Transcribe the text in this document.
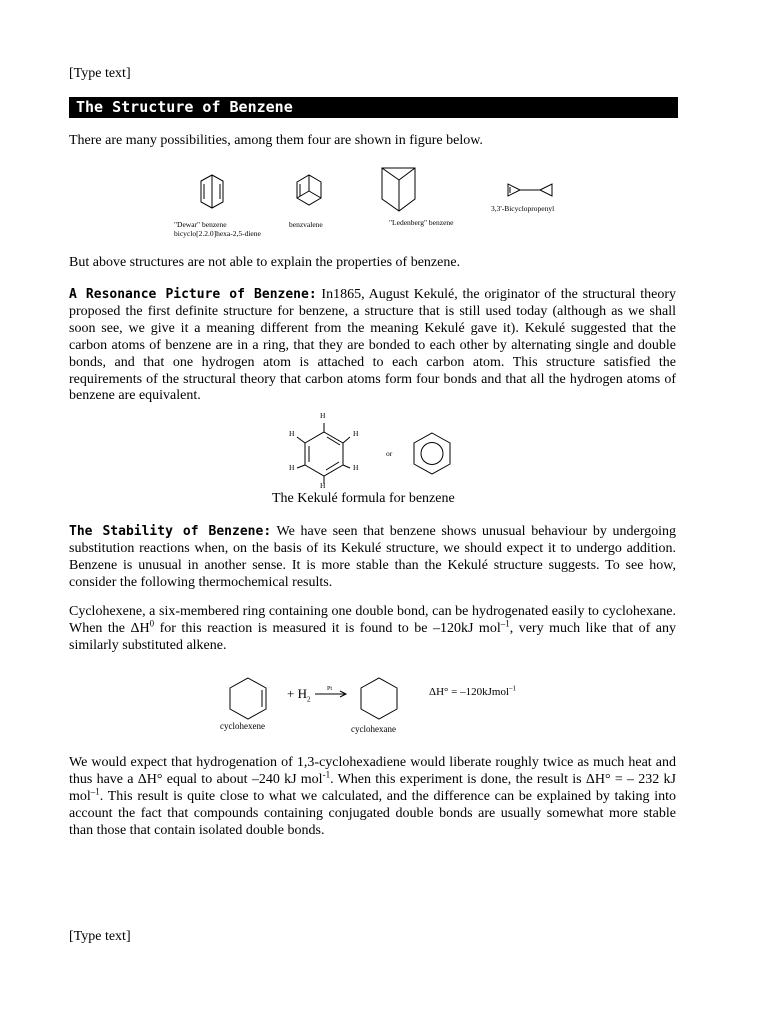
[Type text]
The Structure of Benzene
There are many possibilities, among them four are shown in figure below.
"Dewar" benzene
bicyclo[2.2.0]hexa-2,5-diene
benzvalene	"Ledenberg" benzene
3,3'-Bicyclopropenyl
But above structures are not able to explain the properties of benzene.
A Resonance Picture of Benzene: In1865, August Kekulé, the originator of the structural theory proposed the first definite structure for benzene, a structure that is still used today (although as we shall soon see, we give it a meaning different from the meaning Kekulé gave it). Kekulé suggested that the carbon atoms of benzene are in a ring, that they are bonded to each other by alternating single and double bonds, and that one hydrogen atom is attached to each carbon atom. This structure satisfied the requirements of the structural theory that carbon atoms form four bonds and that all the hydrogen atoms of benzene are equivalent.
H
H	H
H	H
H
or
The Kekulé formula for benzene
The Stability of Benzene: We have seen that benzene shows unusual behaviour by undergoing substitution reactions when, on the basis of its Kekulé structure, we should expect it to undergo addition. Benzene is unusual in another sense. It is more stable than the Kekulé structure suggests. To see how, consider the following thermochemical results.
Cyclohexene, a six-membered ring containing one double bond, can be hydrogenated easily to cyclohexane. When the $\Delta H^0$ for this reaction is measured it is found to be –120kJ mol$^{-1}$, very much like that of any similarly substituted alkene.
+ $H_2$
Pt	ΔH° = –120kJmol$^{-1}$
cyclohexene	cyclohexane
We would expect that hydrogenation of 1,3-cyclohexadiene would liberate roughly twice as much heat and thus have a ΔH° equal to about –240 kJ mol$^{-1}$. When this experiment is done, the result is ΔH° = – 232 kJ mol$^{-1}$. This result is quite close to what we calculated, and the difference can be explained by taking into account the fact that compounds containing conjugated double bonds are usually somewhat more stable than those that contain isolated double bonds.
[Type text]
